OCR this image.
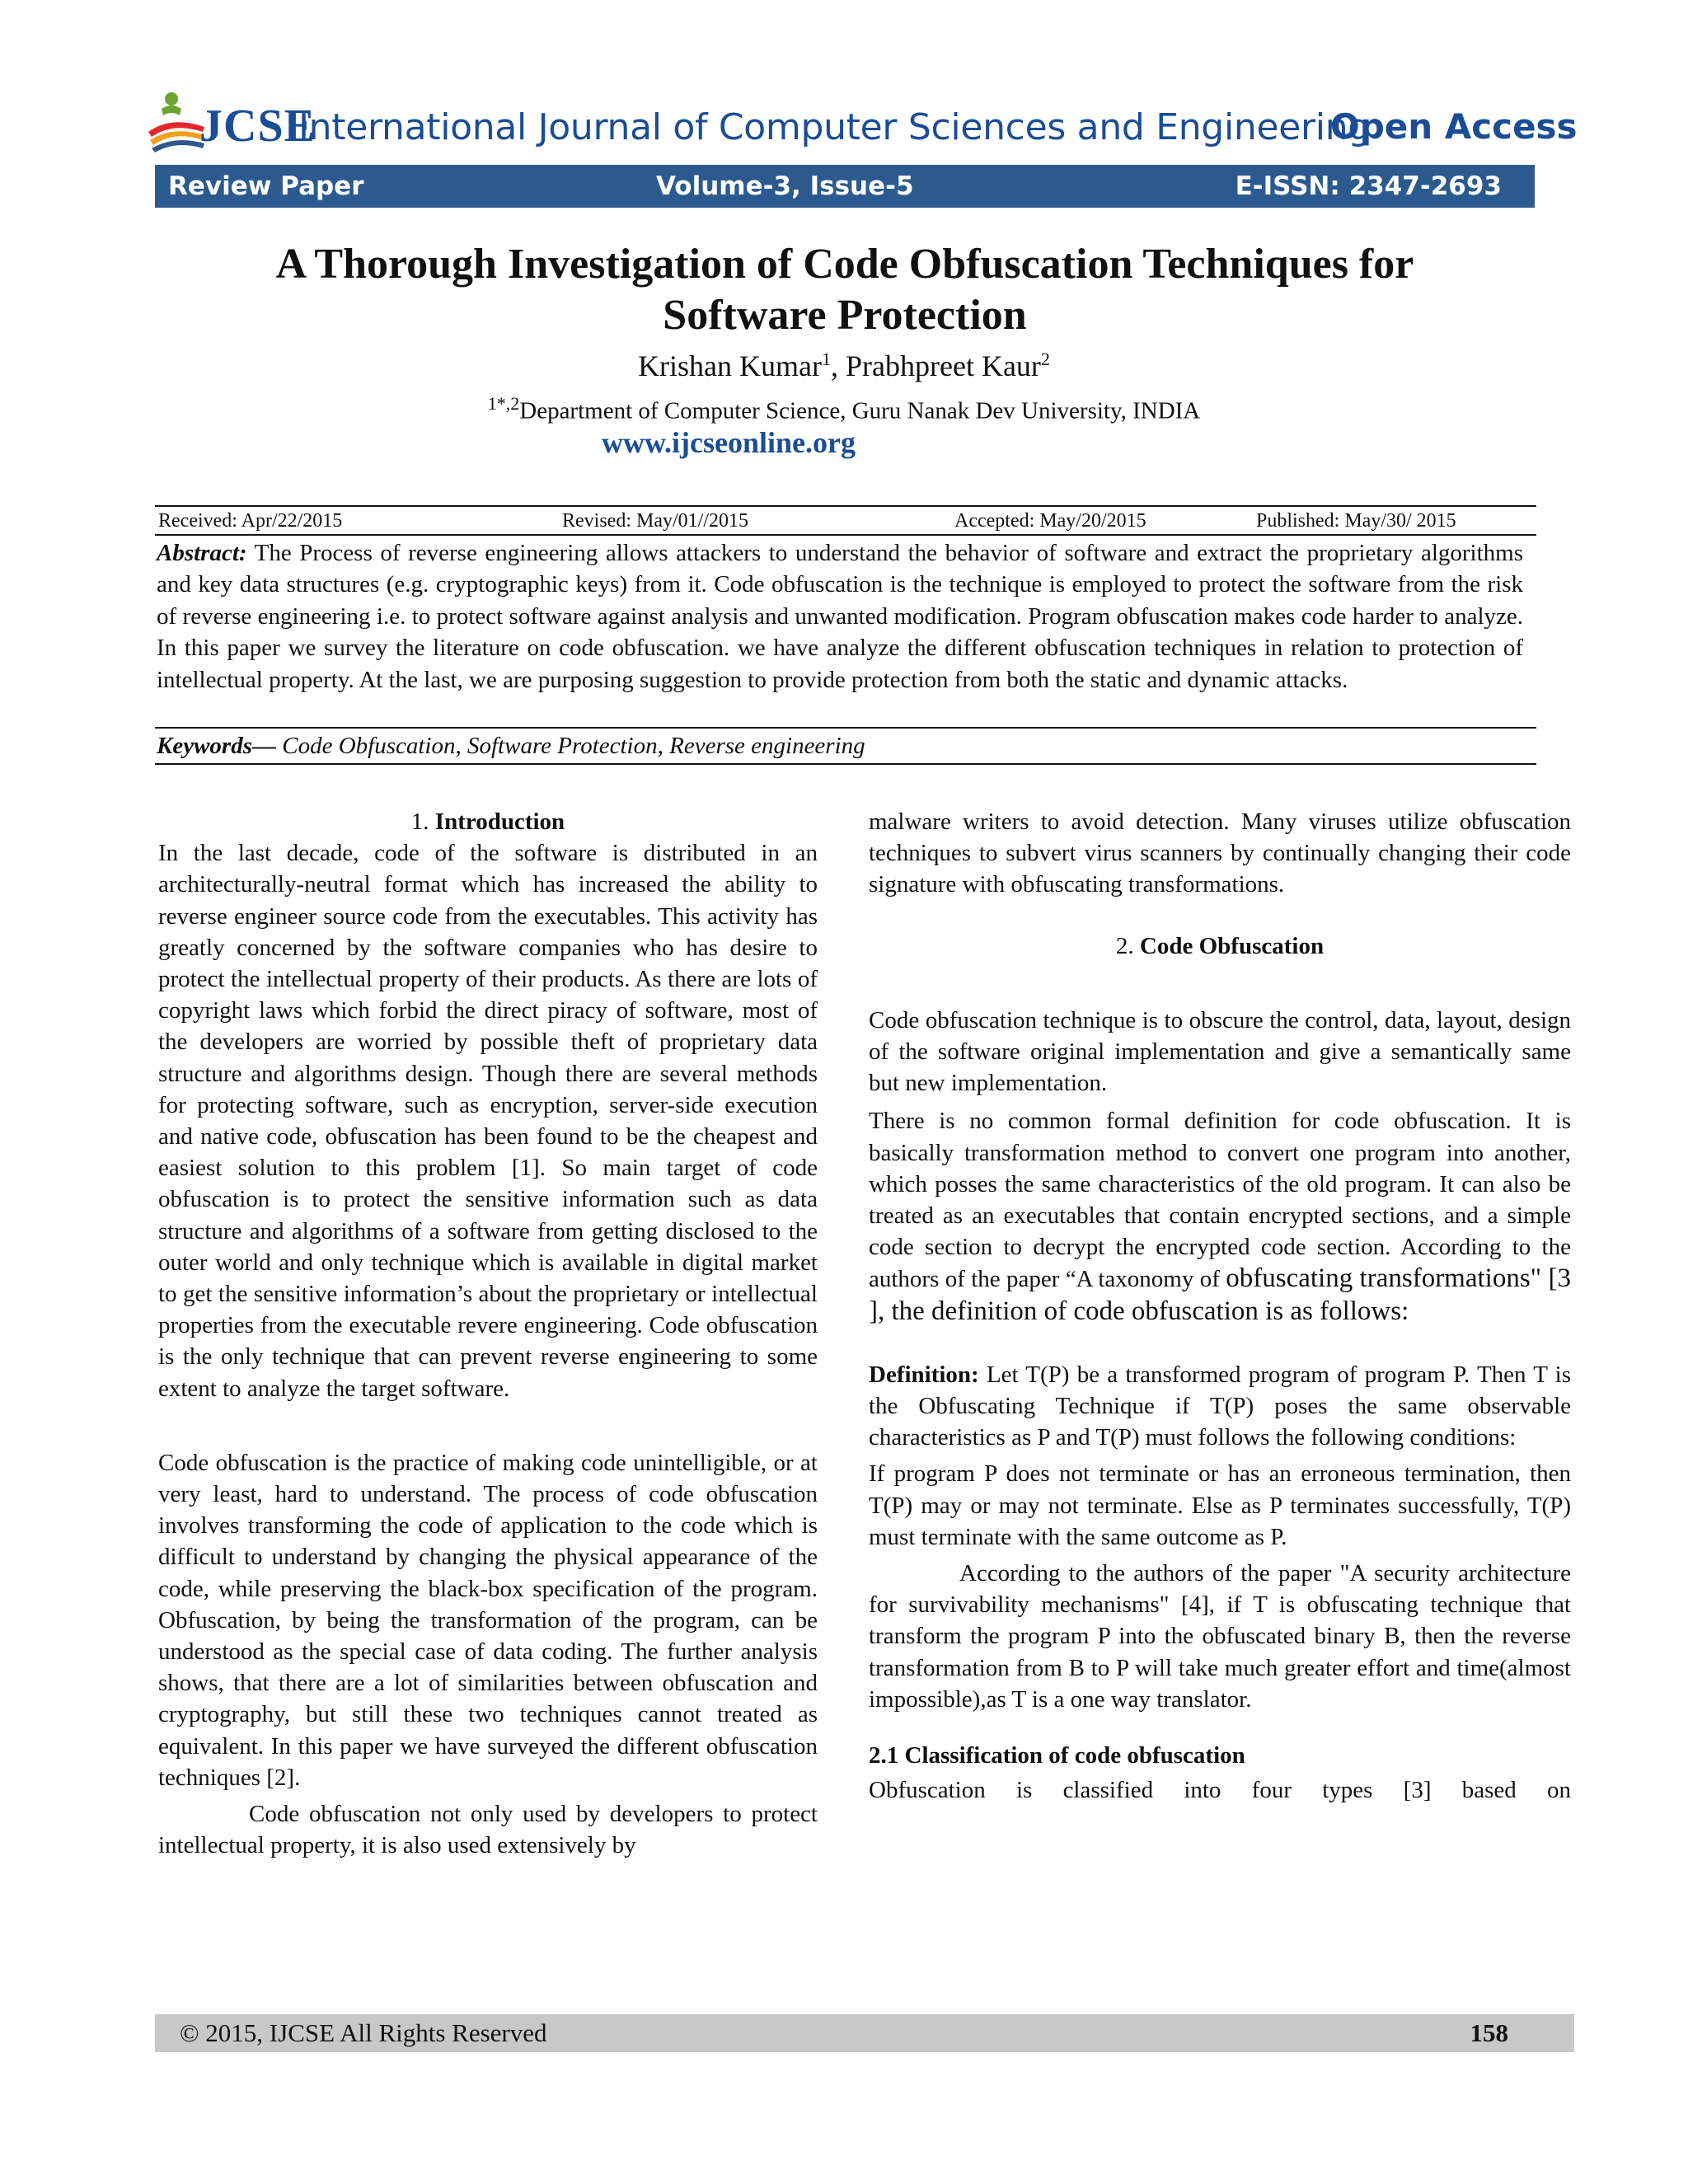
JCSE
International Journal of Computer Sciences and Engineering
Open Access
Review Paper	Volume-3, Issue-5	E-ISSN: 2347-2693
A Thorough Investigation of Code Obfuscation Techniques for
Software Protection
Krishan Kumar$^1$, Prabhpreet Kaur$^2$
$^{1*,2}$Department of Computer Science, Guru Nanak Dev University, INDIA
www.ijcseonline.org
Received: Apr/22/2015	Revised: May/01//2015	Accepted: May/20/2015	Published: May/30/ 2015
Abstract: The Process of reverse engineering allows attackers to understand the behavior of software and extract the proprietary algorithms and key data structures (e.g. cryptographic keys) from it. Code obfuscation is the technique is employed to protect the software from the risk of reverse engineering i.e. to protect software against analysis and unwanted modification. Program obfuscation makes code harder to analyze. In this paper we survey the literature on code obfuscation. we have analyze the different obfuscation techniques in relation to protection of intellectual property. At the last, we are purposing suggestion to provide protection from both the static and dynamic attacks.
Keywords— Code Obfuscation, Software Protection, Reverse engineering

1. Introduction

In the last decade, code of the software is distributed in an architecturally-neutral format which has increased the ability to reverse engineer source code from the executables. This activity has greatly concerned by the software companies who has desire to protect the intellectual property of their products. As there are lots of copyright laws which forbid the direct piracy of software, most of the developers are worried by possible theft of proprietary data structure and algorithms design. Though there are several methods for protecting software, such as encryption, server-side execution and native code, obfuscation has been found to be the cheapest and easiest solution to this problem [1]. So main target of code obfuscation is to protect the sensitive information such as data structure and algorithms of a software from getting disclosed to the outer world and only technique which is available in digital market to get the sensitive information’s about the proprietary or intellectual properties from the executable revere engineering. Code obfuscation is the only technique that can prevent reverse engineering to some extent to analyze the target software.

Code obfuscation is the practice of making code unintelligible, or at very least, hard to understand. The process of code obfuscation involves transforming the code of application to the code which is difficult to understand by changing the physical appearance of the code, while preserving the black-box specification of the program. Obfuscation, by being the transformation of the program, can be understood as the special case of data coding. The further analysis shows, that there are a lot of similarities between obfuscation and cryptography, but still these two techniques cannot treated as equivalent. In this paper we have surveyed the different obfuscation techniques [2].

Code obfuscation not only used by developers to protect intellectual property, it is also used extensively by

malware writers to avoid detection. Many viruses utilize obfuscation techniques to subvert virus scanners by continually changing their code signature with obfuscating transformations.

2. Code Obfuscation

Code obfuscation technique is to obscure the control, data, layout, design of the software original implementation and give a semantically same but new implementation.

There is no common formal definition for code obfuscation. It is basically transformation method to convert one program into another, which posses the same characteristics of the old program. It can also be treated as an executables that contain encrypted sections, and a simple code section to decrypt the encrypted code section. According to the authors of the paper “A taxonomy of obfuscating transformations" [3 ], the definition of code obfuscation is as follows:

Definition: Let T(P) be a transformed program of program P. Then T is the Obfuscating Technique if T(P) poses the same observable characteristics as P and T(P) must follows the following conditions:

If program P does not terminate or has an erroneous termination, then T(P) may or may not terminate. Else as P terminates successfully, T(P) must terminate with the same outcome as P.

According to the authors of the paper "A security architecture for survivability mechanisms" [4], if T is obfuscating technique that transform the program P into the obfuscated binary B, then the reverse transformation from B to P will take much greater effort and time(almost impossible),as T is a one way translator.

2.1 Classification of code obfuscation

Obfuscation is classified into four types [3] based on

© 2015, IJCSE All Rights Reserved	158
